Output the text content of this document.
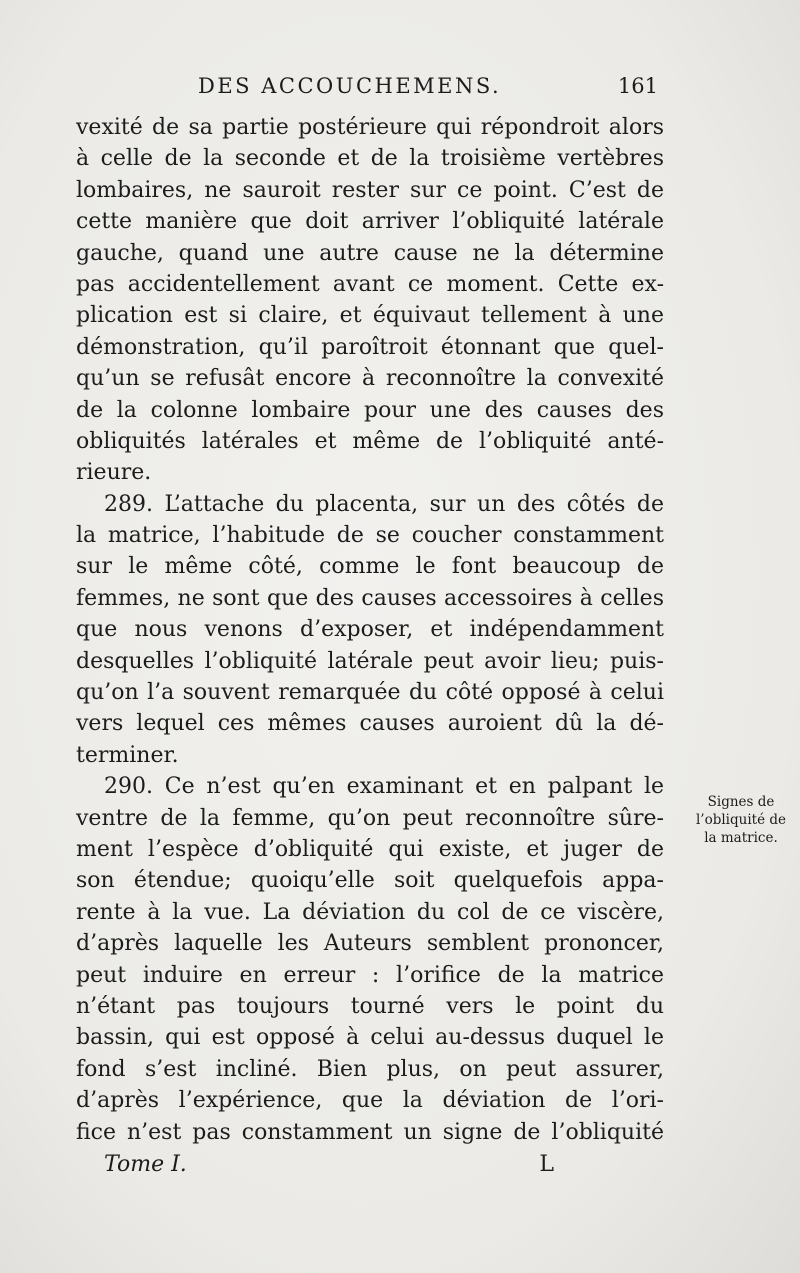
DES ACCOUCHEMENS.	161
vexité de sa partie postérieure qui répondroit alors
à celle de la seconde et de la troisième vertèbres
lombaires, ne sauroit rester sur ce point. C’est de
cette manière que doit arriver l’obliquité latérale
gauche, quand une autre cause ne la détermine
pas accidentellement avant ce moment. Cette ex-
plication est si claire, et équivaut tellement à une
démonstration, qu’il paroîtroit étonnant que quel-
qu’un se refusât encore à reconnoître la convexité
de la colonne lombaire pour une des causes des
obliquités latérales et même de l’obliquité anté-
rieure.
289. L’attache du placenta, sur un des côtés de
la matrice, l’habitude de se coucher constamment
sur le même côté, comme le font beaucoup de
femmes, ne sont que des causes accessoires à celles
que nous venons d’exposer, et indépendamment
desquelles l’obliquité latérale peut avoir lieu; puis-
qu’on l’a souvent remarquée du côté opposé à celui
vers lequel ces mêmes causes auroient dû la dé-
terminer.
290. Ce n’est qu’en examinant et en palpant le
ventre de la femme, qu’on peut reconnoître sûre-
ment l’espèce d’obliquité qui existe, et juger de
son étendue; quoiqu’elle soit quelquefois appa-
rente à la vue. La déviation du col de ce viscère,
d’après laquelle les Auteurs semblent prononcer,
peut induire en erreur : l’orifice de la matrice
n’étant pas toujours tourné vers le point du
bassin, qui est opposé à celui au-dessus duquel le
fond s’est incliné. Bien plus, on peut assurer,
d’après l’expérience, que la déviation de l’ori-
fice n’est pas constamment un signe de l’obliquité
Signes de
l’obliquité de
la matrice.
Tome I.	L
